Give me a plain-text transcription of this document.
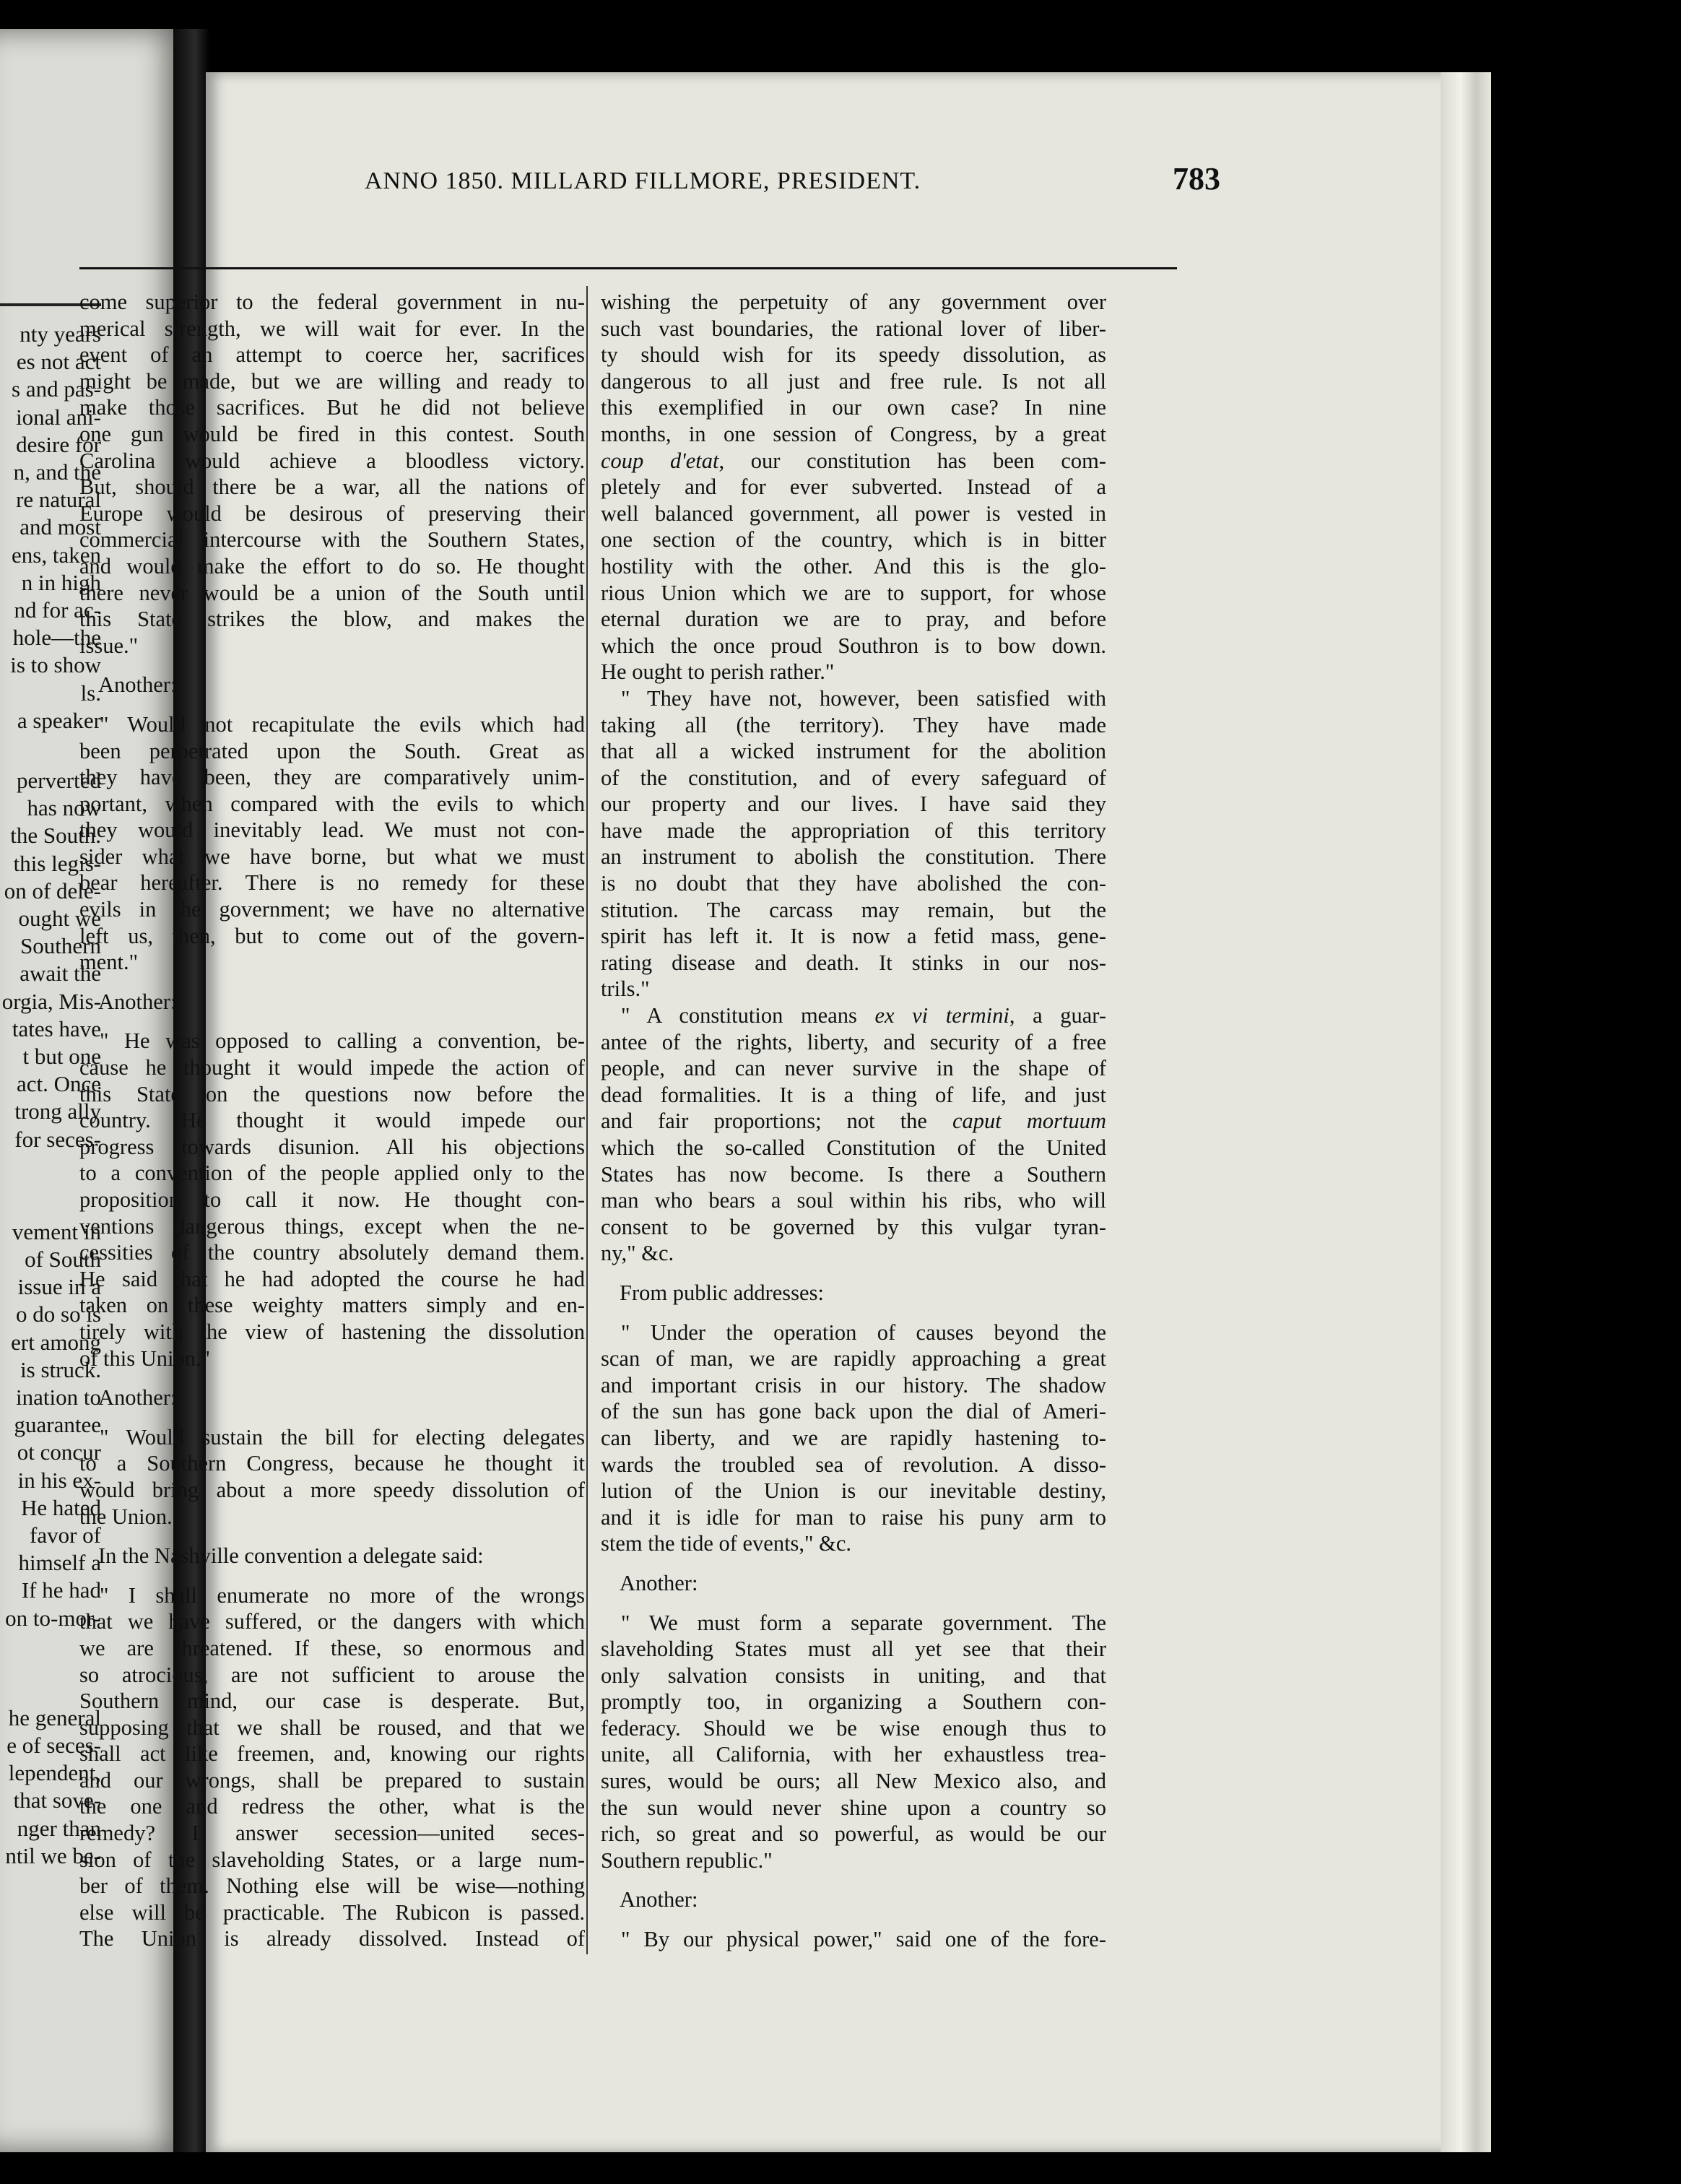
nty years
es not act
s and pas-
ional ani-
desire for
n, and the
re natural
and most
ens, taken
n in high
nd for ac-
hole—the
is to show
ls.
a speaker
perverted
has now
the South.
this legis-
on of dele-
ought we
Southern
await the
orgia, Mis-
tates have
t but one
act. Once
trong ally
for seces-
vement in
of South
issue in a
o do so is
ert among
is struck.
ination to
guarantee
ot concur
in his ex-
He hated
favor of
himself a
If he had
on to-mor-
he general
e of seces-
lependent,
that sove-
nger than
ntil we be-
ANNO 1850. MILLARD FILLMORE, PRESIDENT.	783
come superior to the federal government in nu-
merical strength, we will wait for ever. In the
event of an attempt to coerce her, sacrifices
might be made, but we are willing and ready to
make those sacrifices. But he did not believe
one gun would be fired in this contest. South
Carolina would achieve a bloodless victory.
But, should there be a war, all the nations of
Europe would be desirous of preserving their
commercial intercourse with the Southern States,
and would make the effort to do so. He thought
there never would be a union of the South until
this State strikes the blow, and makes the
issue."
Another:
" Would not recapitulate the evils which had
been perpetrated upon the South. Great as
they have been, they are comparatively unim-
portant, when compared with the evils to which
they would inevitably lead. We must not con-
sider what we have borne, but what we must
bear hereafter. There is no remedy for these
evils in the government; we have no alternative
left us, then, but to come out of the govern-
ment."
Another:
" He was opposed to calling a convention, be-
cause he thought it would impede the action of
this State on the questions now before the
country. He thought it would impede our
progress towards disunion. All his objections
to a convention of the people applied only to the
proposition to call it now. He thought con-
ventions dangerous things, except when the ne-
cessities of the country absolutely demand them.
He said that he had adopted the course he had
taken on these weighty matters simply and en-
tirely with the view of hastening the dissolution
of this Union."
Another:
" Would sustain the bill for electing delegates
to a Southern Congress, because he thought it
would bring about a more speedy dissolution of
the Union."
In the Nashville convention a delegate said:
" I shall enumerate no more of the wrongs
that we have suffered, or the dangers with which
we are threatened. If these, so enormous and
so atrocious, are not sufficient to arouse the
Southern mind, our case is desperate. But,
supposing that we shall be roused, and that we
shall act like freemen, and, knowing our rights
and our wrongs, shall be prepared to sustain
the one and redress the other, what is the
remedy? I answer secession—united seces-
sion of the slaveholding States, or a large num-
ber of them. Nothing else will be wise—nothing
else will be practicable. The Rubicon is passed.
The Union is already dissolved. Instead of
wishing the perpetuity of any government over
such vast boundaries, the rational lover of liber-
ty should wish for its speedy dissolution, as
dangerous to all just and free rule. Is not all
this exemplified in our own case? In nine
months, in one session of Congress, by a great
coup d'etat, our constitution has been com-
pletely and for ever subverted. Instead of a
well balanced government, all power is vested in
one section of the country, which is in bitter
hostility with the other. And this is the glo-
rious Union which we are to support, for whose
eternal duration we are to pray, and before
which the once proud Southron is to bow down.
He ought to perish rather."
" They have not, however, been satisfied with
taking all (the territory). They have made
that all a wicked instrument for the abolition
of the constitution, and of every safeguard of
our property and our lives. I have said they
have made the appropriation of this territory
an instrument to abolish the constitution. There
is no doubt that they have abolished the con-
stitution. The carcass may remain, but the
spirit has left it. It is now a fetid mass, gene-
rating disease and death. It stinks in our nos-
trils."
" A constitution means ex vi termini, a guar-
antee of the rights, liberty, and security of a free
people, and can never survive in the shape of
dead formalities. It is a thing of life, and just
and fair proportions; not the caput mortuum
which the so-called Constitution of the United
States has now become. Is there a Southern
man who bears a soul within his ribs, who will
consent to be governed by this vulgar tyran-
ny," &c.
From public addresses:
" Under the operation of causes beyond the
scan of man, we are rapidly approaching a great
and important crisis in our history. The shadow
of the sun has gone back upon the dial of Ameri-
can liberty, and we are rapidly hastening to-
wards the troubled sea of revolution. A disso-
lution of the Union is our inevitable destiny,
and it is idle for man to raise his puny arm to
stem the tide of events," &c.
Another:
" We must form a separate government. The
slaveholding States must all yet see that their
only salvation consists in uniting, and that
promptly too, in organizing a Southern con-
federacy. Should we be wise enough thus to
unite, all California, with her exhaustless trea-
sures, would be ours; all New Mexico also, and
the sun would never shine upon a country so
rich, so great and so powerful, as would be our
Southern republic."
Another:
" By our physical power," said one of the fore-
